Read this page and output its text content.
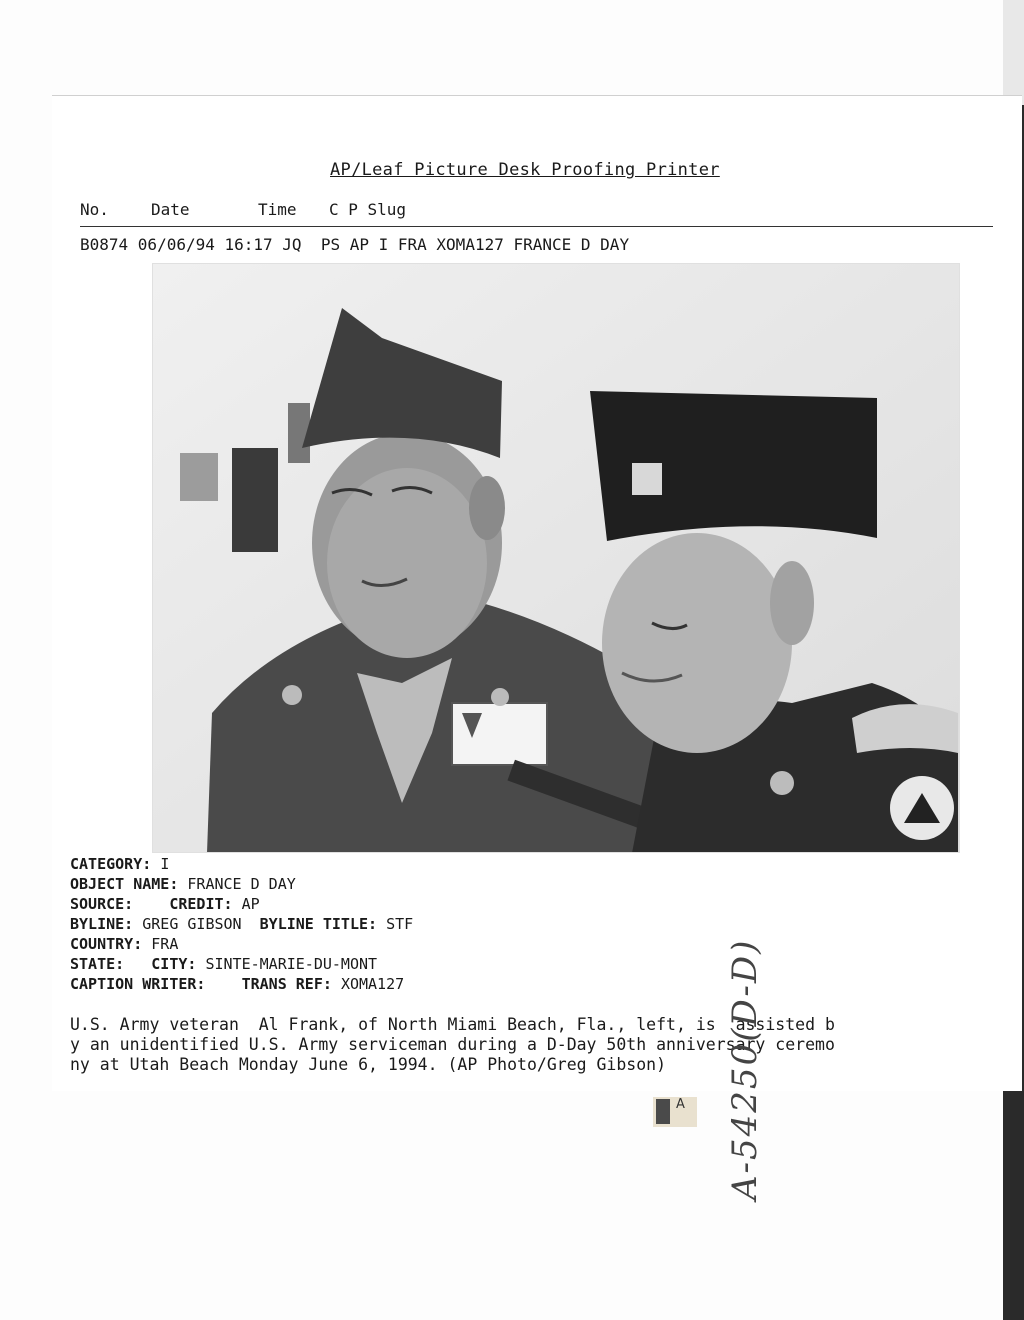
AP/Leaf Picture Desk Proofing Printer
No.	Date	Time C P Slug
B0874 06/06/94 16:17 JQ  PS AP I FRA XOMA127 FRANCE D DAY
CATEGORY: I
OBJECT NAME: FRANCE D DAY
SOURCE: CREDIT: AP
BYLINE: GREG GIBSON BYLINE TITLE: STF
COUNTRY: FRA
STATE: CITY: SINTE-MARIE-DU-MONT
CAPTION WRITER: TRANS REF: XOMA127
U.S. Army veteran  Al Frank, of North Miami Beach, Fla., left, is  assisted b
y an unidentified U.S. Army serviceman during a D-Day 50th anniversary ceremo
ny at Utah Beach Monday June 6, 1994. (AP Photo/Greg Gibson)
A A-54250(D-D)
